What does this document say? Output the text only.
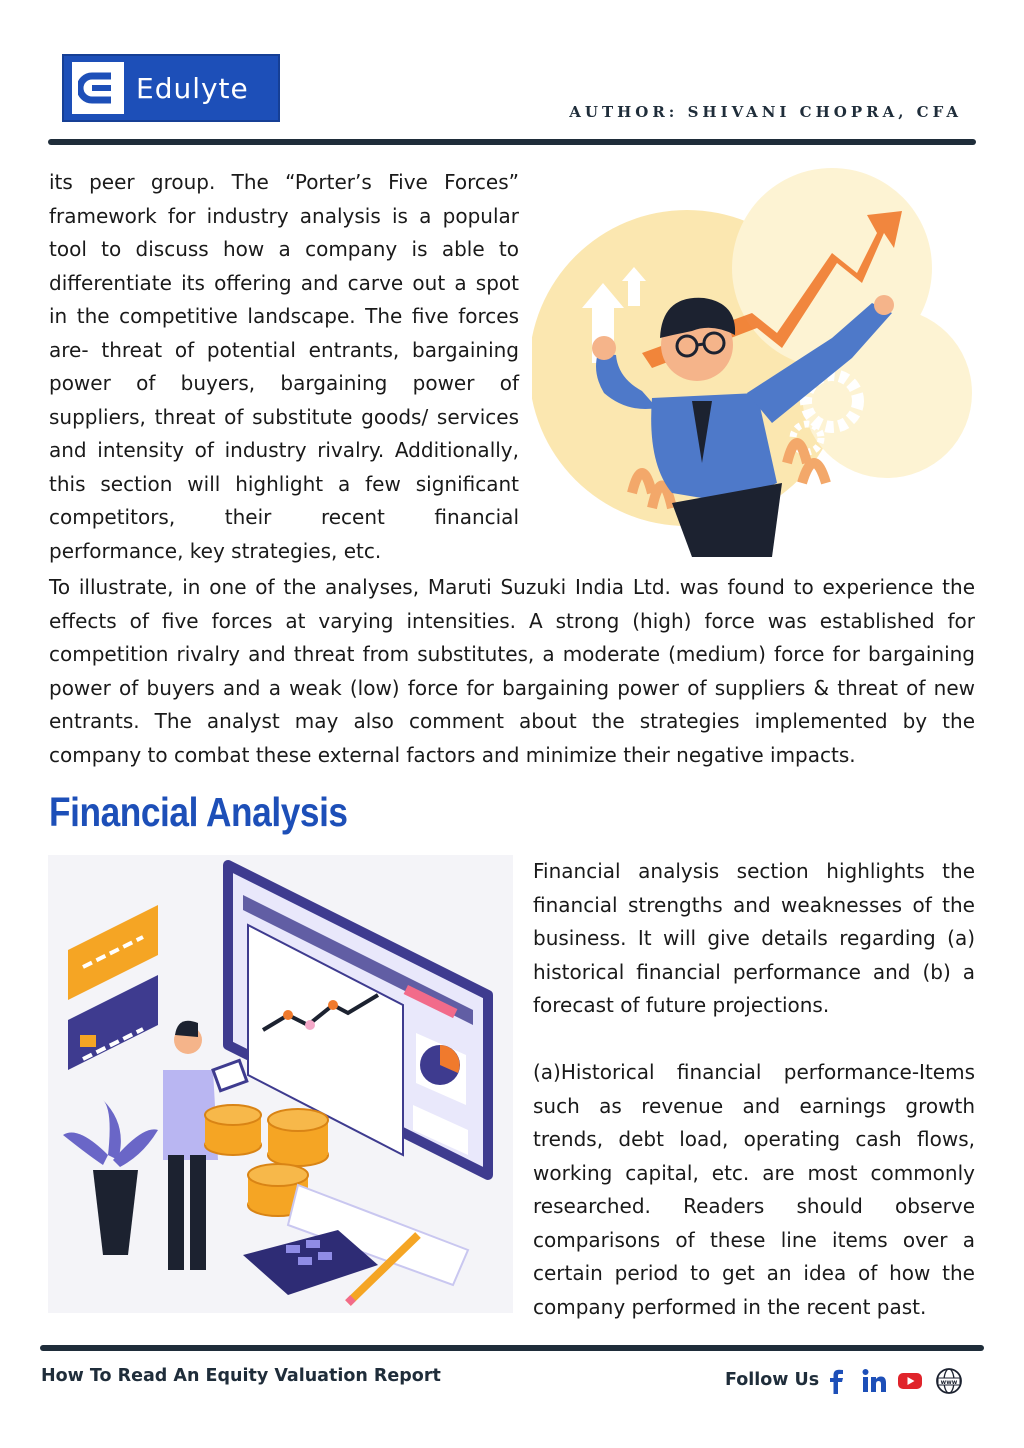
Edulyte
AUTHOR: SHIVANI CHOPRA, CFA

its peer group. The “Porter’s Five Forces” framework for industry analysis is a popular tool to discuss how a company is able to differentiate its offering and carve out a spot in the competitive landscape. The five forces are- threat of potential entrants, bargaining power of buyers, bargaining power of suppliers, threat of substitute goods/ services and intensity of industry rivalry. Additionally, this section will highlight a few significant competitors, their recent financial performance, key strategies, etc.

To illustrate, in one of the analyses, Maruti Suzuki India Ltd. was found to experience the effects of five forces at varying intensities. A strong (high) force was established for competition rivalry and threat from substitutes, a moderate (medium) force for bargaining power of buyers and a weak (low) force for bargaining power of suppliers & threat of new entrants. The analyst may also comment about the strategies implemented by the company to combat these external factors and minimize their negative impacts.

Financial Analysis

Financial analysis section highlights the financial strengths and weaknesses of the business. It will give details regarding (a) historical financial performance and (b) a forecast of future projections.

(a)Historical financial performance-Items such as revenue and earnings growth trends, debt load, operating cash flows, working capital, etc. are most commonly researched. Readers should observe comparisons of these line items over a certain period to get an idea of how the company performed in the recent past.

How To Read An Equity Valuation Report	Follow Us	www
